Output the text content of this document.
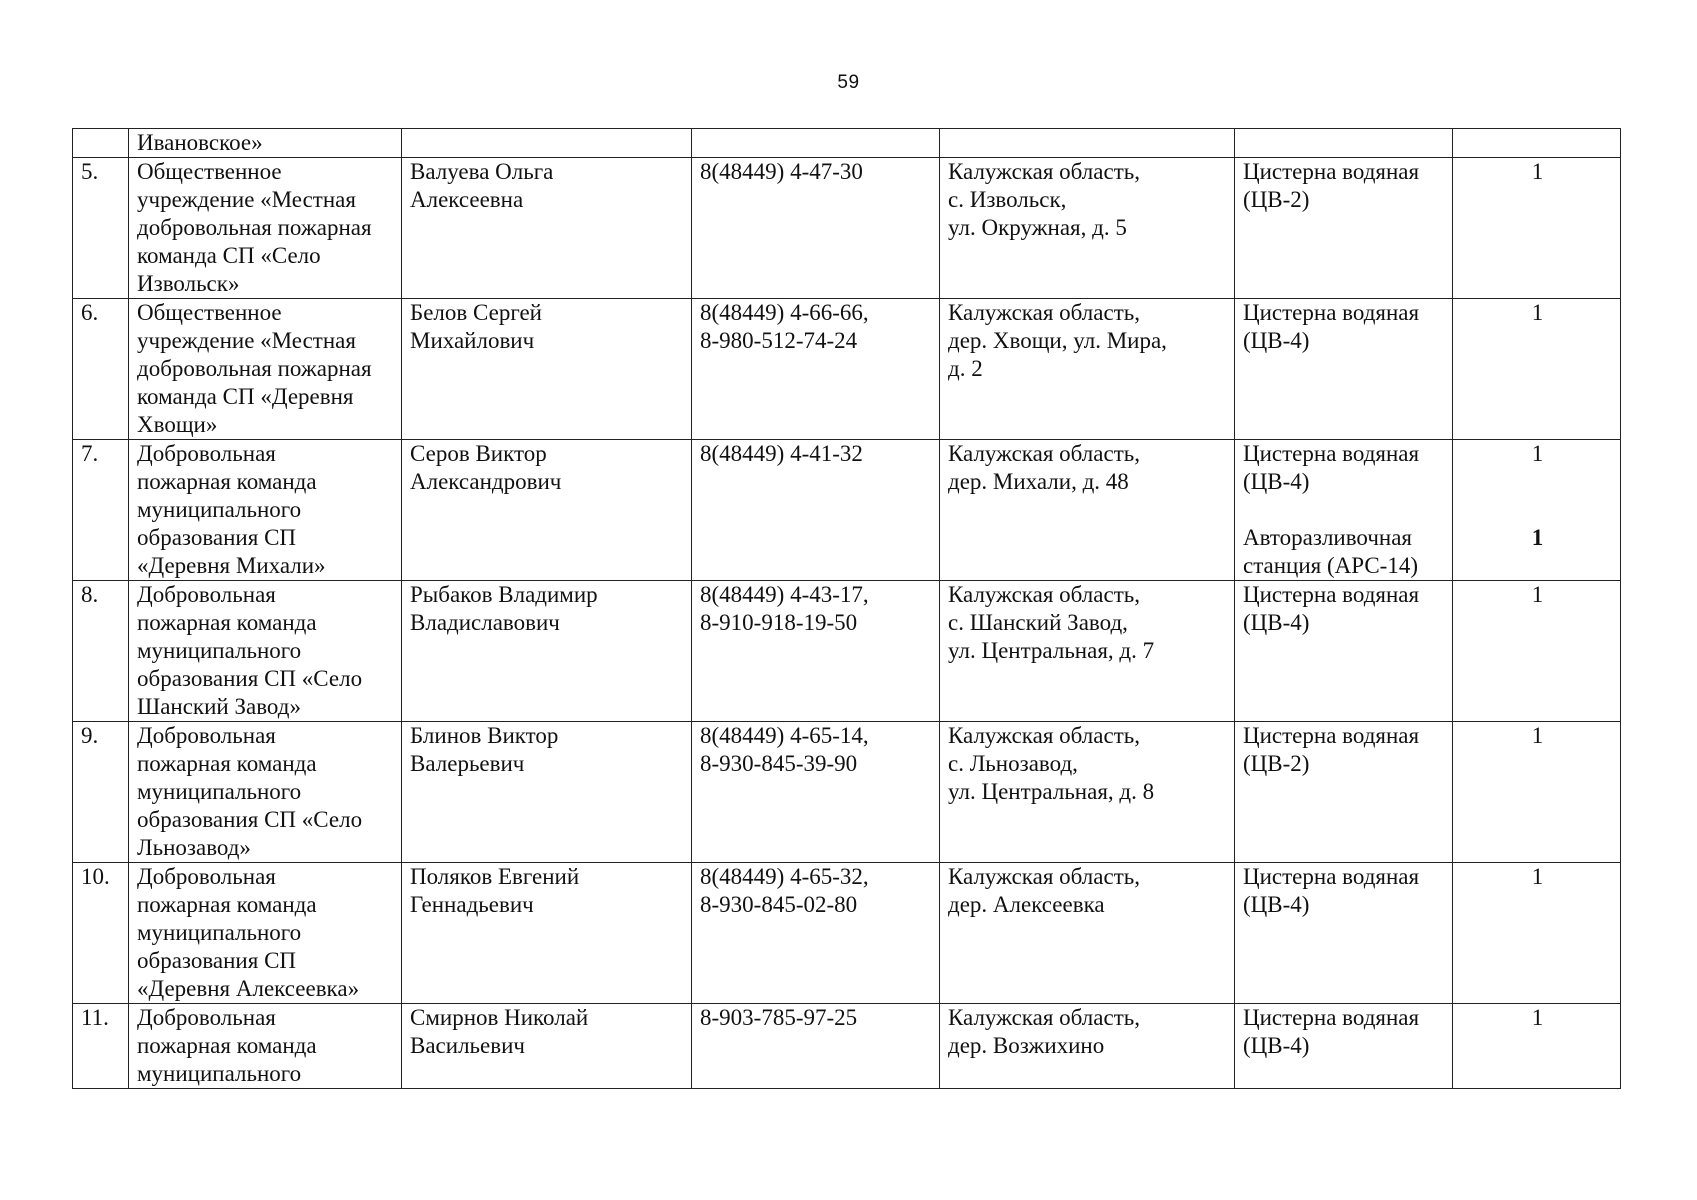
59

	Ивановское»					

5.	Общественное
учреждение «Местная
добровольная пожарная
команда СП «Село
Извольск»	Валуева Ольга
Алексеевна	8(48449) 4-47-30	Калужская область,
с. Извольск,
ул. Окружная, д. 5	Цистерна водяная
(ЦВ-2)	1

6.	Общественное
учреждение «Местная
добровольная пожарная
команда СП «Деревня
Хвощи»	Белов Сергей
Михайлович	8(48449) 4-66-66,
8-980-512-74-24	Калужская область,
дер. Хвощи, ул. Мира,
д. 2	Цистерна водяная
(ЦВ-4)	1

7.	Добровольная
пожарная команда
муниципального
образования СП
«Деревня Михали»	Серов Виктор
Александрович	8(48449) 4-41-32	Калужская область,
дер. Михали, д. 48	Цистерна водяная
(ЦВ-4)
Авторазливочная
станция (АРС-14)	1
1

8.	Добровольная
пожарная команда
муниципального
образования СП «Село
Шанский Завод»	Рыбаков Владимир
Владиславович	8(48449) 4-43-17,
8-910-918-19-50	Калужская область,
с. Шанский Завод,
ул. Центральная, д. 7	Цистерна водяная
(ЦВ-4)	1

9.	Добровольная
пожарная команда
муниципального
образования СП «Село
Льнозавод»	Блинов Виктор
Валерьевич	8(48449) 4-65-14,
8-930-845-39-90	Калужская область,
с. Льнозавод,
ул. Центральная, д. 8	Цистерна водяная
(ЦВ-2)	1

10.	Добровольная
пожарная команда
муниципального
образования СП
«Деревня Алексеевка»	Поляков Евгений
Геннадьевич	8(48449) 4-65-32,
8-930-845-02-80	Калужская область,
дер. Алексеевка	Цистерна водяная
(ЦВ-4)	1

11.	Добровольная
пожарная команда
муниципального	Смирнов Николай
Васильевич	8-903-785-97-25	Калужская область,
дер. Возжихино	Цистерна водяная
(ЦВ-4)	1
